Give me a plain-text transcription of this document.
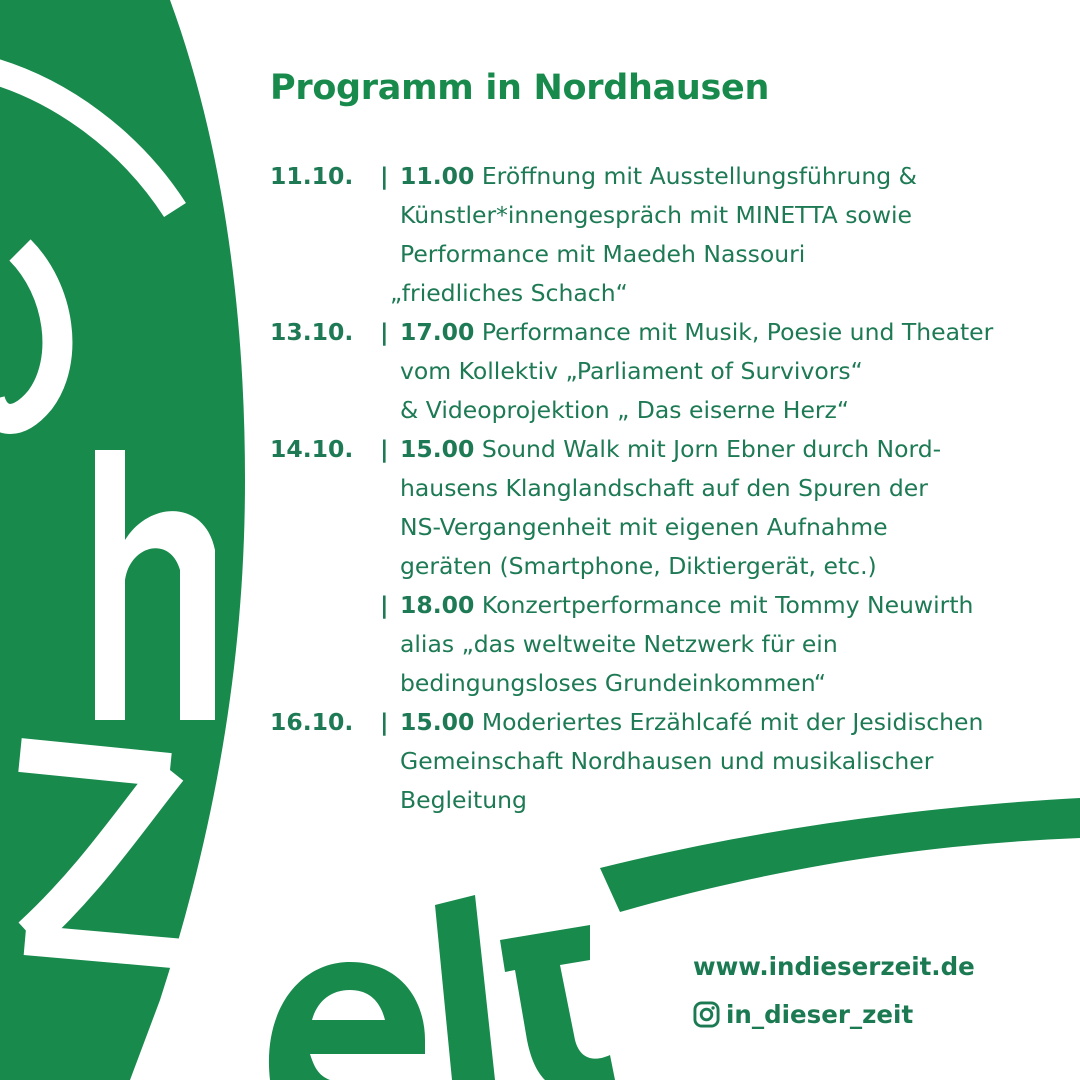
Programm in Nordhausen
11.10.	| 11.00 Eröffnung mit Ausstellungsführung &
Künstler*innengespräch mit MINETTA sowie
Performance mit Maedeh Nassouri
„friedliches Schach“
13.10.	| 17.00 Performance mit Musik, Poesie und Theater
vom Kollektiv „Parliament of Survivors“
& Videoprojektion „ Das eiserne Herz“
14.10.	| 15.00 Sound Walk mit Jorn Ebner durch Nord-
hausens Klanglandschaft auf den Spuren der
NS-Vergangenheit mit eigenen Aufnahme
geräten (Smartphone, Diktiergerät, etc.)
| 18.00 Konzertperformance mit Tommy Neuwirth
alias „das weltweite Netzwerk für ein
bedingungsloses Grundeinkommen“
16.10.	| 15.00 Moderiertes Erzählcafé mit der Jesidischen
Gemeinschaft Nordhausen und musikalischer
Begleitung
www.indieserzeit.de
in_dieser_zeit
